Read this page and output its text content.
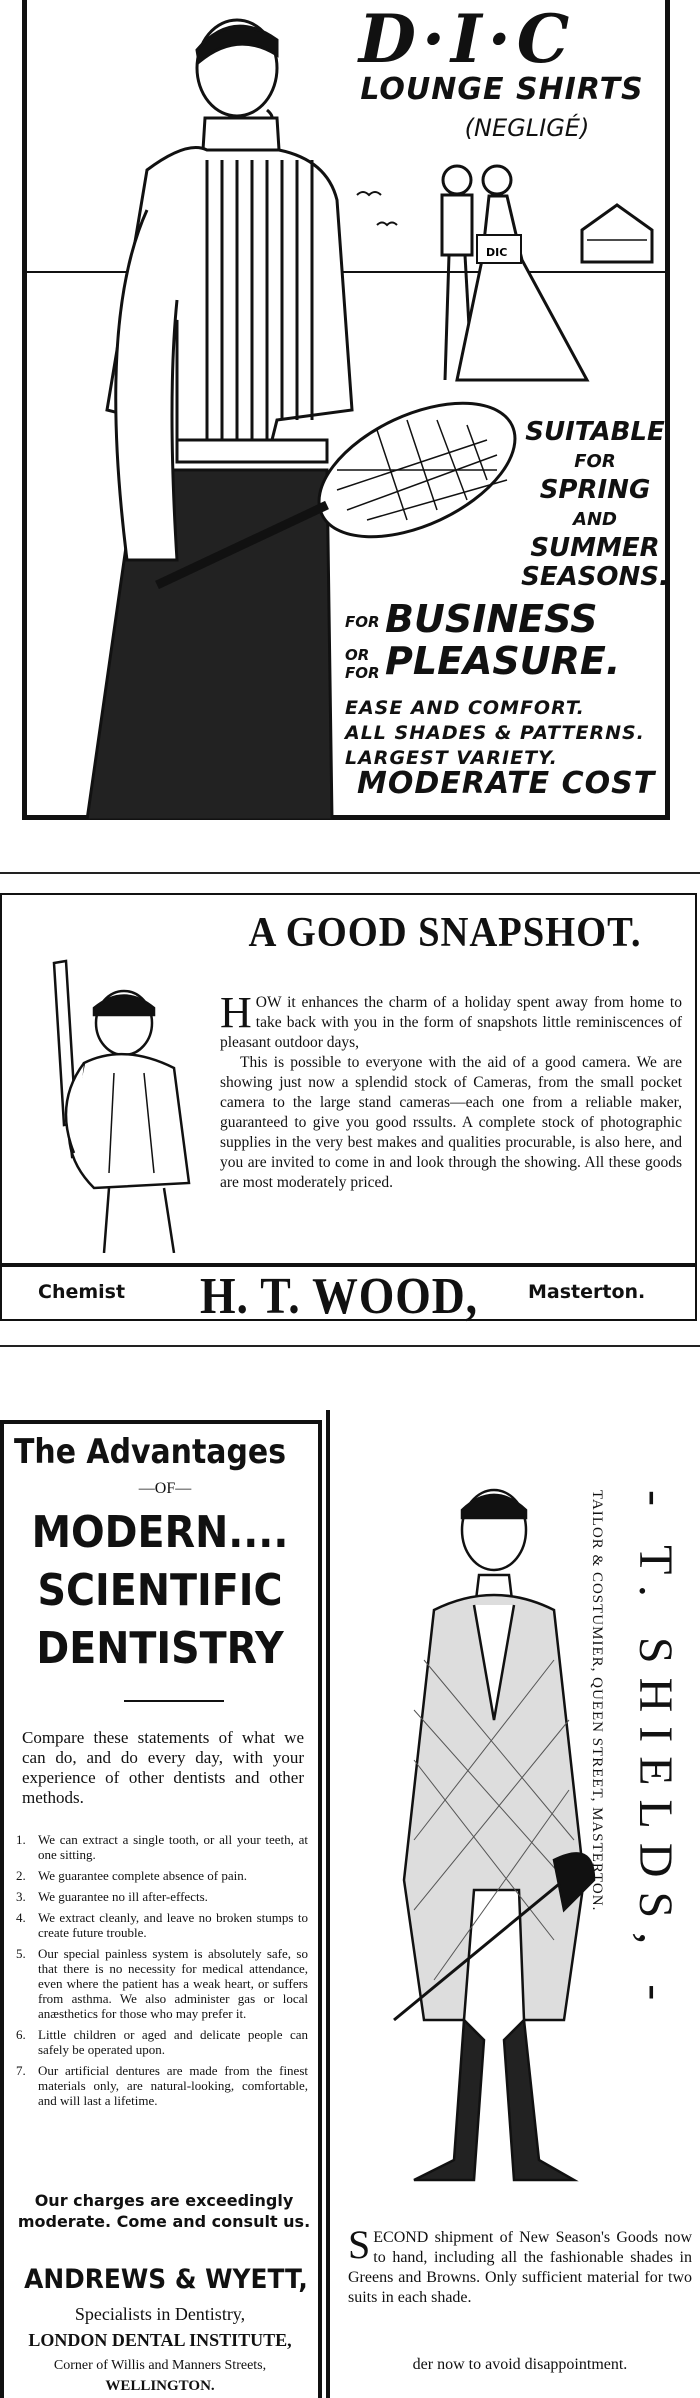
DIC
D·I·C
LOUNGE SHIRTS
(NEGLIGÉ)
SUITABLE
FOR
SPRING
AND
SUMMER
SEASONS.
FOR BUSINESS
OR
FOR PLEASURE.
EASE AND COMFORT.
ALL SHADES & PATTERNS.
LARGEST VARIETY.
MODERATE COST
A GOOD SNAPSHOT.
HOW it enhances the charm of a holiday spent away from home to take back with you in the form of snapshots little reminiscences of pleasant outdoor days,
This is possible to everyone with the aid of a good camera. We are showing just now a splendid stock of Cameras, from the small pocket camera to the large stand cameras—each one from a reliable maker, guaranteed to give you good rssults. A complete stock of photographic supplies in the very best makes and qualities procurable, is also here, and you are invited to come in and look through the showing. All these goods are most moderately priced.
Chemist H. T. WOOD,	Masterton.
The Advantages
—OF—
MODERN....
SCIENTIFIC
DENTISTRY
Compare these statements of what we can do, and do every day, with your experience of other dentists and other methods.
1. We can extract a single tooth, or all your teeth, at one sitting.
2. We guarantee complete absence of pain.
3. We guarantee no ill after-effects.
4. We extract cleanly, and leave no broken stumps to create future trouble.
5. Our special painless system is absolutely safe, so that there is no necessity for medical attendance, even where the patient has a weak heart, or suffers from asthma. We also administer gas or local anæsthetics for those who may prefer it.
6. Little children or aged and delicate people can safely be operated upon.
7. Our artificial dentures are made from the finest materials only, are natural-looking, comfortable, and will last a lifetime.
Our charges are exceedingly moderate. Come and consult us.
ANDREWS & WYETT,
Specialists in Dentistry,
LONDON DENTAL INSTITUTE,
Corner of Willis and Manners Streets,
WELLINGTON.
- T. SHIELDS, -
TAILOR & COSTUMIER, QUEEN STREET, MASTERTON.
SECOND shipment of New Season's Goods now to hand, including all the fashionable shades in Greens and Browns. Only sufficient material for two suits in each shade.
der now to avoid disappointment.
